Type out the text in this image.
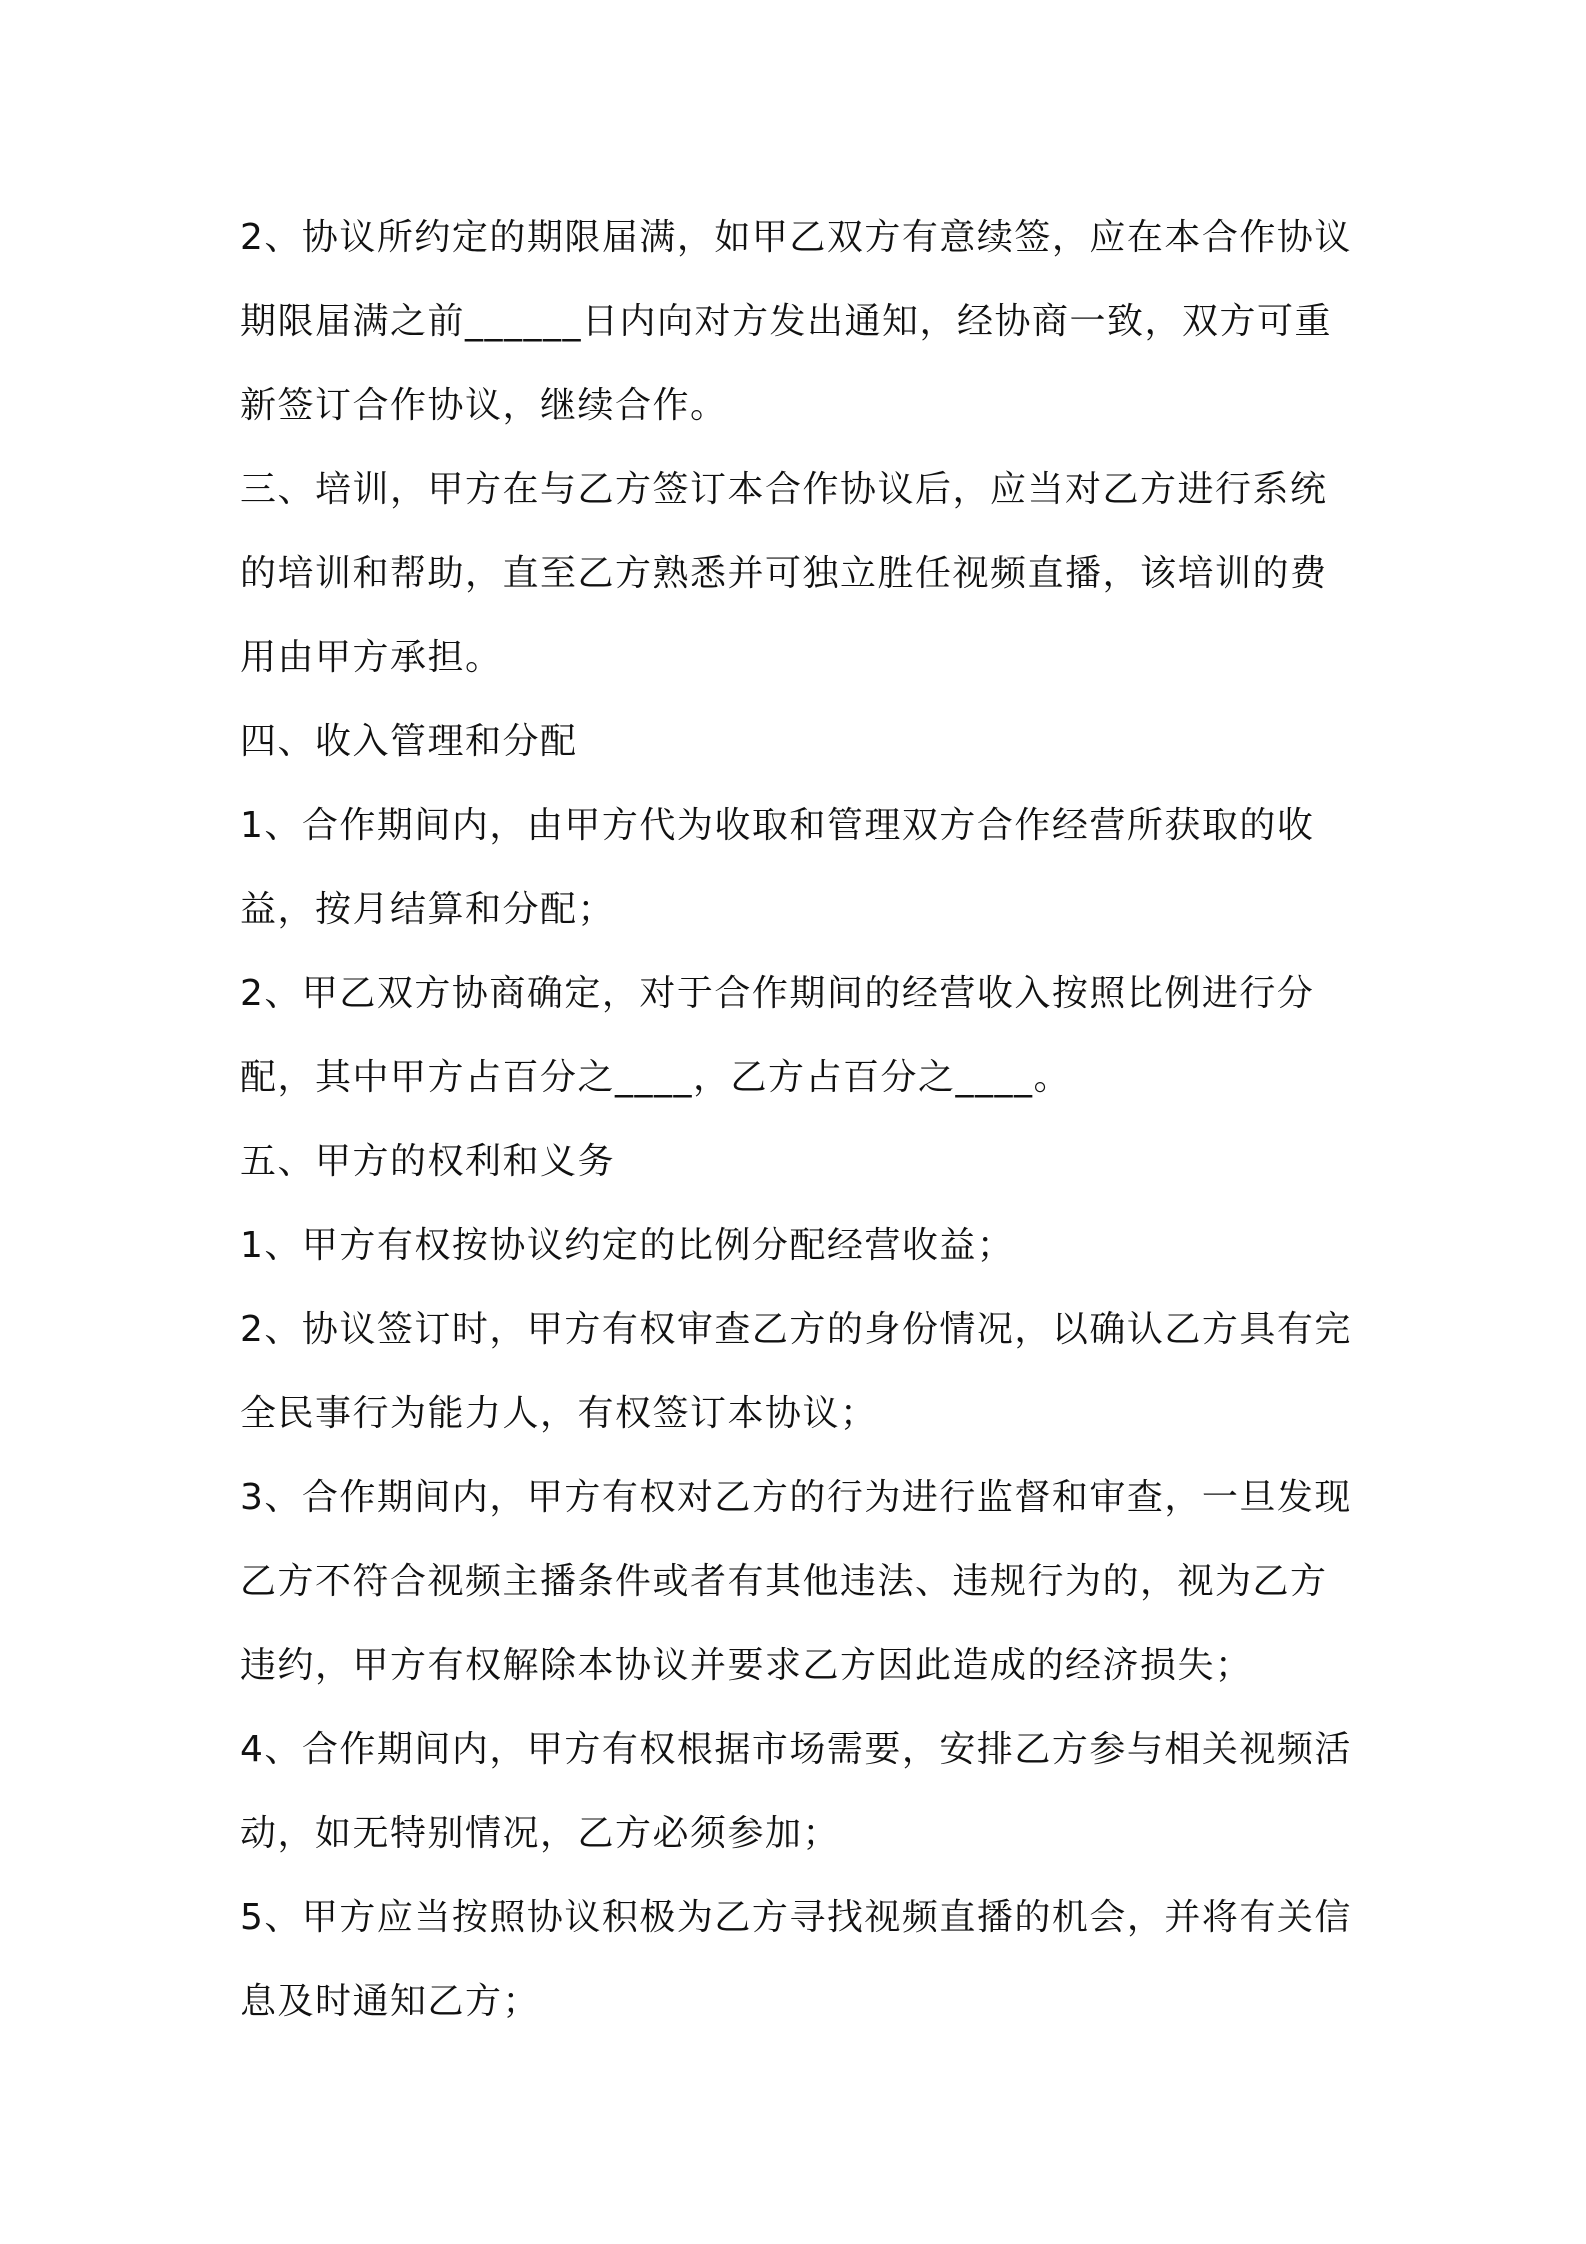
2、协议所约定的期限届满，如甲乙双方有意续签，应在本合作协议
期限届满之前______日内向对方发出通知，经协商一致，双方可重
新签订合作协议，继续合作。
三、培训，甲方在与乙方签订本合作协议后，应当对乙方进行系统
的培训和帮助，直至乙方熟悉并可独立胜任视频直播，该培训的费
用由甲方承担。
四、收入管理和分配
1、合作期间内，由甲方代为收取和管理双方合作经营所获取的收
益，按月结算和分配；
2、甲乙双方协商确定，对于合作期间的经营收入按照比例进行分
配，其中甲方占百分之____，乙方占百分之____。
五、甲方的权利和义务
1、甲方有权按协议约定的比例分配经营收益；
2、协议签订时，甲方有权审查乙方的身份情况，以确认乙方具有完
全民事行为能力人，有权签订本协议；
3、合作期间内，甲方有权对乙方的行为进行监督和审查，一旦发现
乙方不符合视频主播条件或者有其他违法、违规行为的，视为乙方
违约，甲方有权解除本协议并要求乙方因此造成的经济损失；
4、合作期间内，甲方有权根据市场需要，安排乙方参与相关视频活
动，如无特别情况，乙方必须参加；
5、甲方应当按照协议积极为乙方寻找视频直播的机会，并将有关信
息及时通知乙方；
